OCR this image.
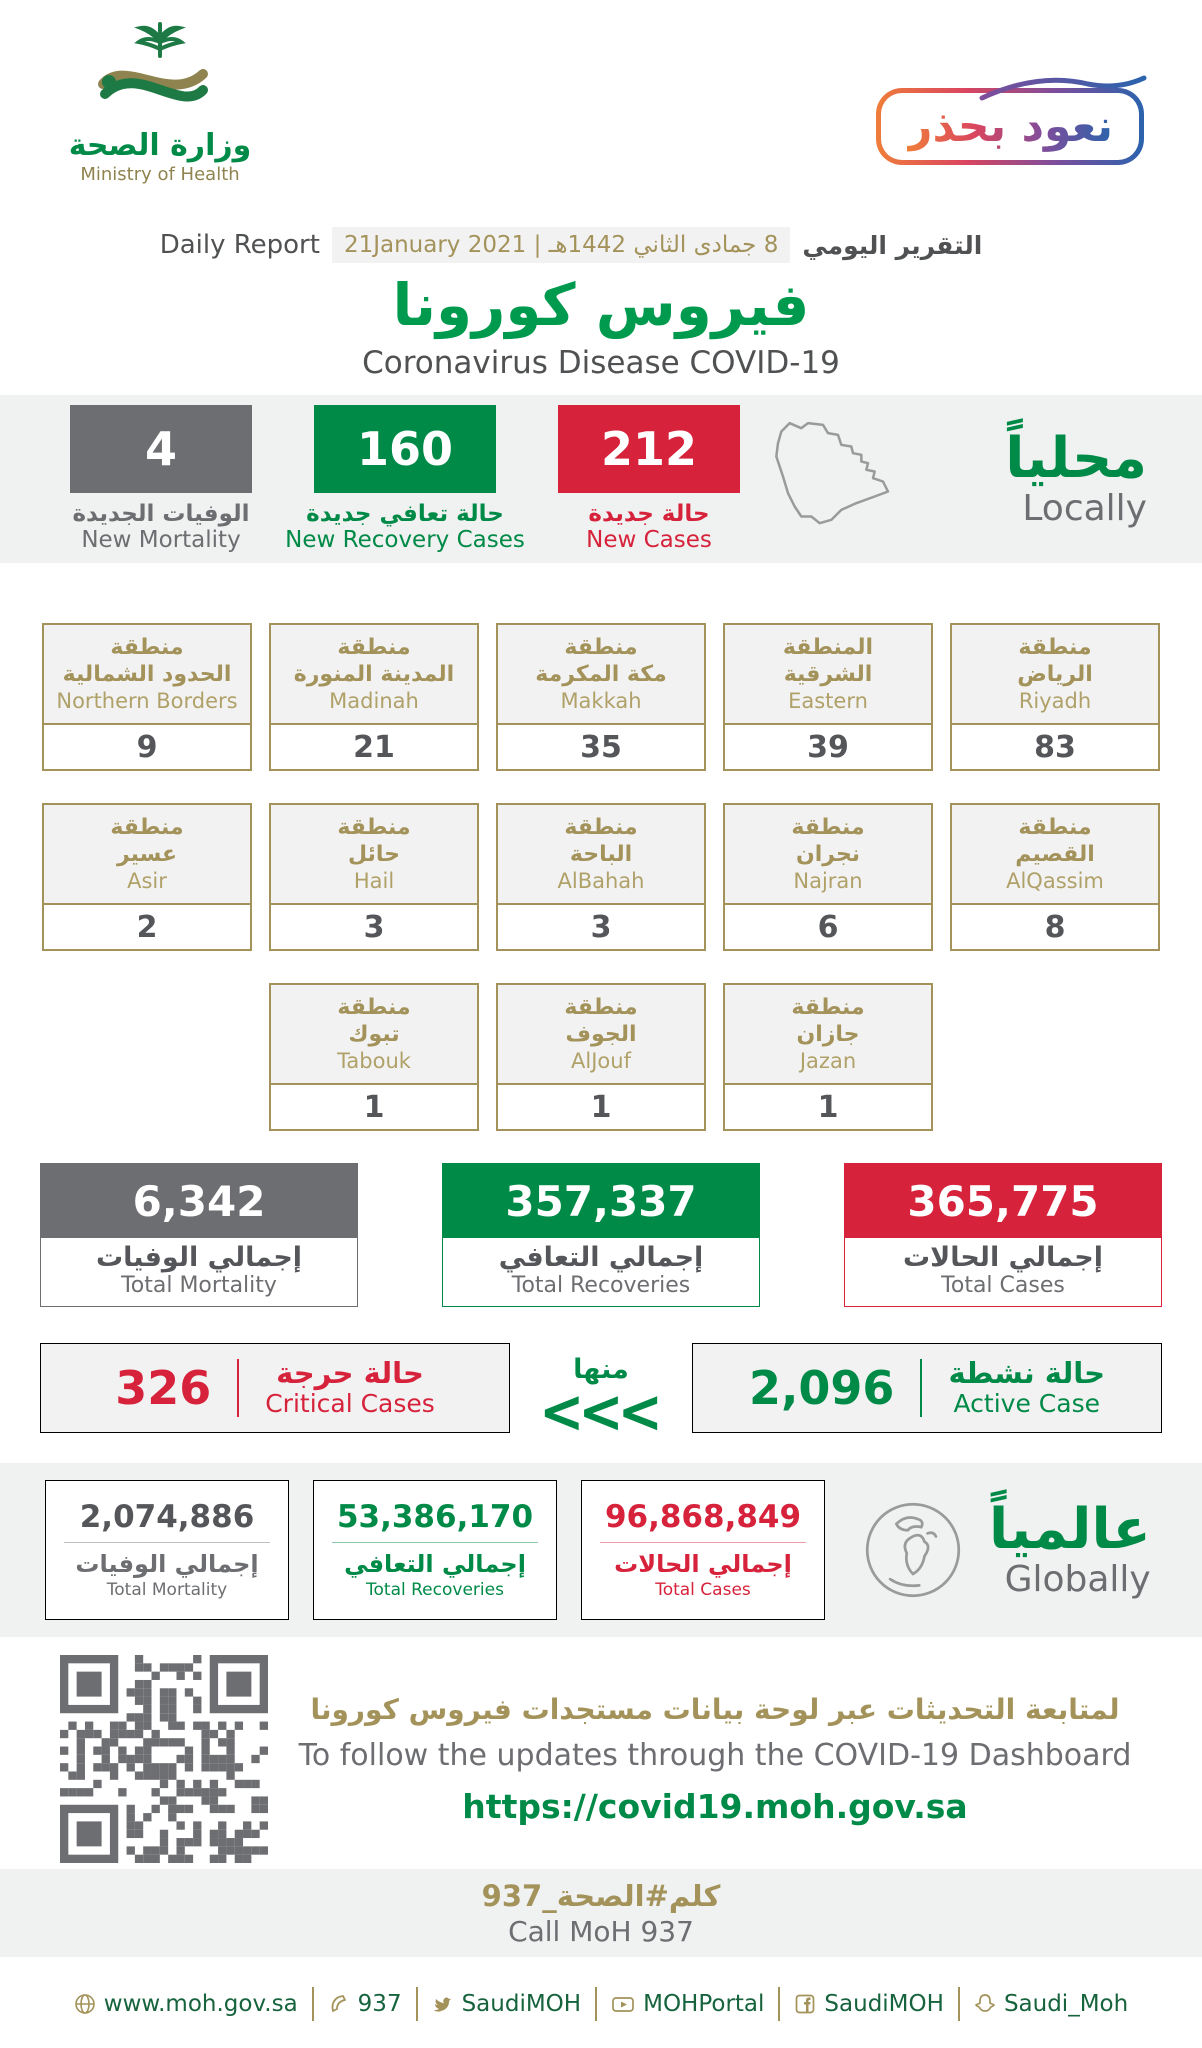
وزارة الصحة
Ministry of Health
نعود بحذر
Daily Report	8 جمادى الثاني 1442هـ | 21January 2021 التقرير اليومي
فيروس كورونا
Coronavirus Disease COVID-19
4
الوفيات الجديدة
New Mortality
160
حالة تعافي جديدة
New Recovery Cases
212
حالة جديدة
New Cases
محلياً
Locally
منطقة
الحدود الشمالية
Northern Borders
9
منطقة
المدينة المنورة
Madinah
21
منطقة
مكة المكرمة
Makkah
35
المنطقة
الشرقية
Eastern
39
منطقة
الرياض
Riyadh
83
منطقة
عسير
Asir
2
منطقة
حائل
Hail
3
منطقة
الباحة
AlBahah
3
منطقة
نجران
Najran
6
منطقة
القصيم
AlQassim
8
منطقة
تبوك
Tabouk
1
منطقة
الجوف
AlJouf
1
منطقة
جازان
Jazan
1
6,342
إجمالي الوفيات
Total Mortality
357,337
إجمالي التعافي
Total Recoveries
365,775
إجمالي الحالات
Total Cases
326	حالة حرجة
Critical Cases
منها
<<< 2,096 حالة نشطة
Active Case
2,074,886
إجمالي الوفيات
Total Mortality
53,386,170
إجمالي التعافي
Total Recoveries
96,868,849
إجمالي الحالات
Total Cases
عالمياً
Globally
لمتابعة التحديثات عبر لوحة بيانات مستجدات فيروس كورونا
To follow the updates through the COVID-19 Dashboard
https://covid19.moh.gov.sa
كلم#الصحة_937
Call MoH 937
www.moh.gov.sa	937	SaudiMOH	MOHPortal	SaudiMOH	Saudi_Moh
